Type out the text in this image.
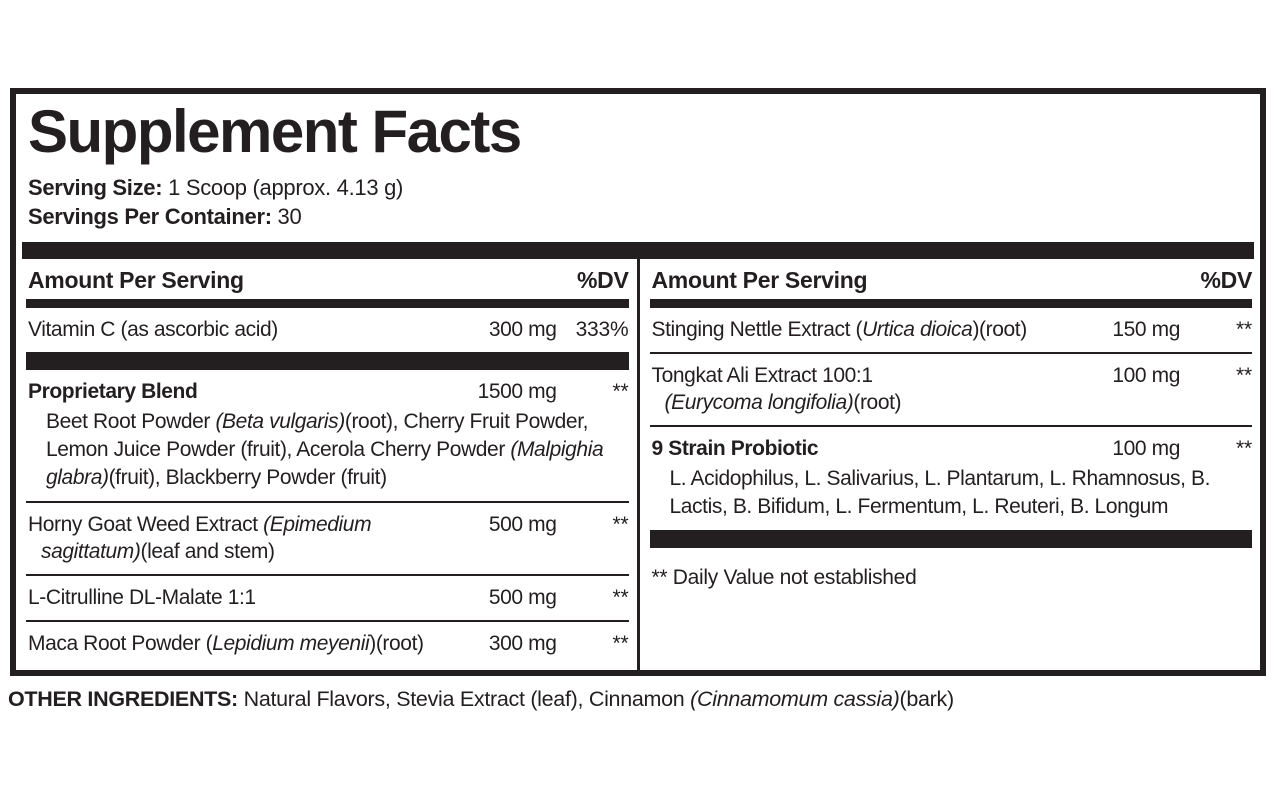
Supplement Facts
Serving Size: 1 Scoop (approx. 4.13 g)
Servings Per Container: 30
Amount Per Serving	%DV
Vitamin C (as ascorbic acid)	300 mg 333%
Proprietary Blend	1500 mg	**
Beet Root Powder (Beta vulgaris)(root), Cherry Fruit Powder, Lemon Juice Powder (fruit), Acerola Cherry Powder (Malpighia glabra)(fruit), Blackberry Powder (fruit)
Horny Goat Weed Extract (Epimedium
sagittatum)(leaf and stem)
500 mg	**
L-Citrulline DL-Malate 1:1	500 mg	**
Maca Root Powder (Lepidium meyenii)(root)	300 mg	**
Amount Per Serving	%DV
Stinging Nettle Extract (Urtica dioica)(root)	150 mg	**
Tongkat Ali Extract 100:1
(Eurycoma longifolia)(root)
100 mg	**
9 Strain Probiotic	100 mg	**
L. Acidophilus, L. Salivarius, L. Plantarum, L. Rhamnosus, B. Lactis, B. Bifidum, L. Fermentum, L. Reuteri, B. Longum
** Daily Value not established
OTHER INGREDIENTS: Natural Flavors, Stevia Extract (leaf), Cinnamon (Cinnamomum cassia)(bark)
